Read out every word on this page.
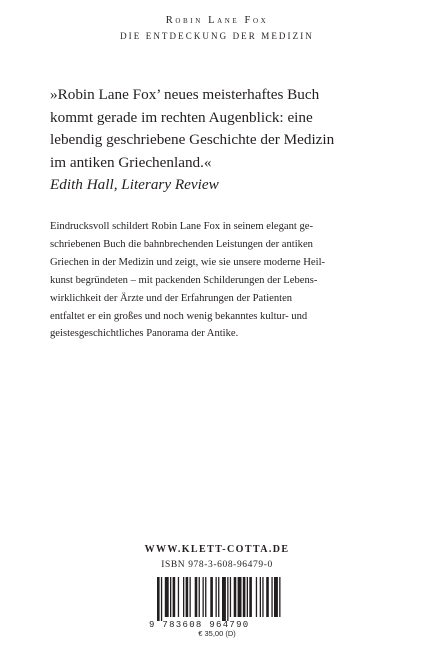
Robin Lane Fox
DIE ENTDECKUNG DER MEDIZIN
»Robin Lane Fox’ neues meisterhaftes Buch
kommt gerade im rechten Augenblick: eine
lebendig geschriebene Geschichte der Medizin
im antiken Griechenland.«
Edith Hall, Literary Review
Eindrucksvoll schildert Robin Lane Fox in seinem elegant ge-
schriebenen Buch die bahnbrechenden Leistungen der antiken
Griechen in der Medizin und zeigt, wie sie unsere moderne Heil-
kunst begründeten – mit packenden Schilderungen der Lebens-
wirklichkeit der Ärzte und der Erfahrungen der Patienten
entfaltet er ein großes und noch wenig bekanntes kultur- und
geistesgeschichtliches Panorama der Antike.
WWW.KLETT-COTTA.DE
ISBN 978-3-608-96479-0
9 783608 964790
€ 35,00 (D)
